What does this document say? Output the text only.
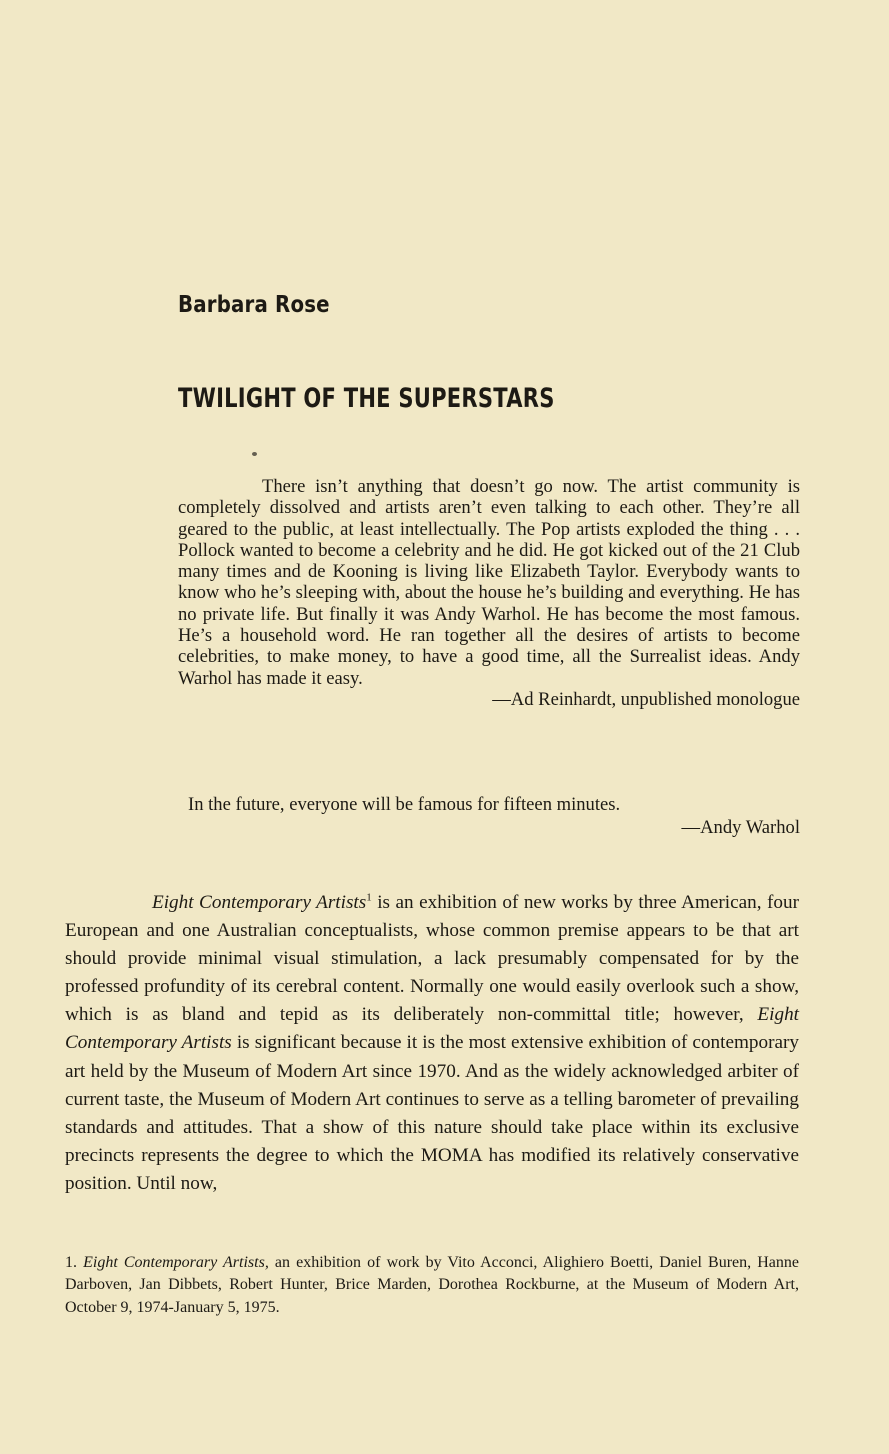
Barbara Rose
TWILIGHT OF THE SUPERSTARS

There isn’t anything that doesn’t go now. The artist community is completely dissolved and artists aren’t even talking to each other. They’re all geared to the public, at least intellectually. The Pop artists exploded the thing . . . Pollock wanted to become a celebrity and he did. He got kicked out of the 21 Club many times and de Kooning is living like Elizabeth Taylor. Everybody wants to know who he’s sleeping with, about the house he’s building and everything. He has no private life. But finally it was Andy Warhol. He has become the most famous. He’s a household word. He ran together all the desires of artists to become celebrities, to make money, to have a good time, all the Surrealist ideas. Andy Warhol has made it easy.

—Ad Reinhardt, unpublished monologue

In the future, everyone will be famous for fifteen minutes.

—Andy Warhol

Eight Contemporary Artists$^1$ is an exhibition of new works by three American, four European and one Australian conceptualists, whose common premise appears to be that art should provide minimal visual stimulation, a lack presumably compensated for by the professed profundity of its cerebral content. Normally one would easily overlook such a show, which is as bland and tepid as its deliberately non-committal title; however, Eight Contemporary Artists is significant because it is the most extensive exhibition of contemporary art held by the Museum of Modern Art since 1970. And as the widely acknowledged arbiter of current taste, the Museum of Modern Art continues to serve as a telling barometer of prevailing standards and attitudes. That a show of this nature should take place within its exclusive precincts represents the degree to which the MOMA has modified its relatively conservative position. Until now,

1. Eight Contemporary Artists, an exhibition of work by Vito Acconci, Alighiero Boetti, Daniel Buren, Hanne Darboven, Jan Dibbets, Robert Hunter, Brice Marden, Dorothea Rockburne, at the Museum of Modern Art, October 9, 1974-January 5, 1975.
